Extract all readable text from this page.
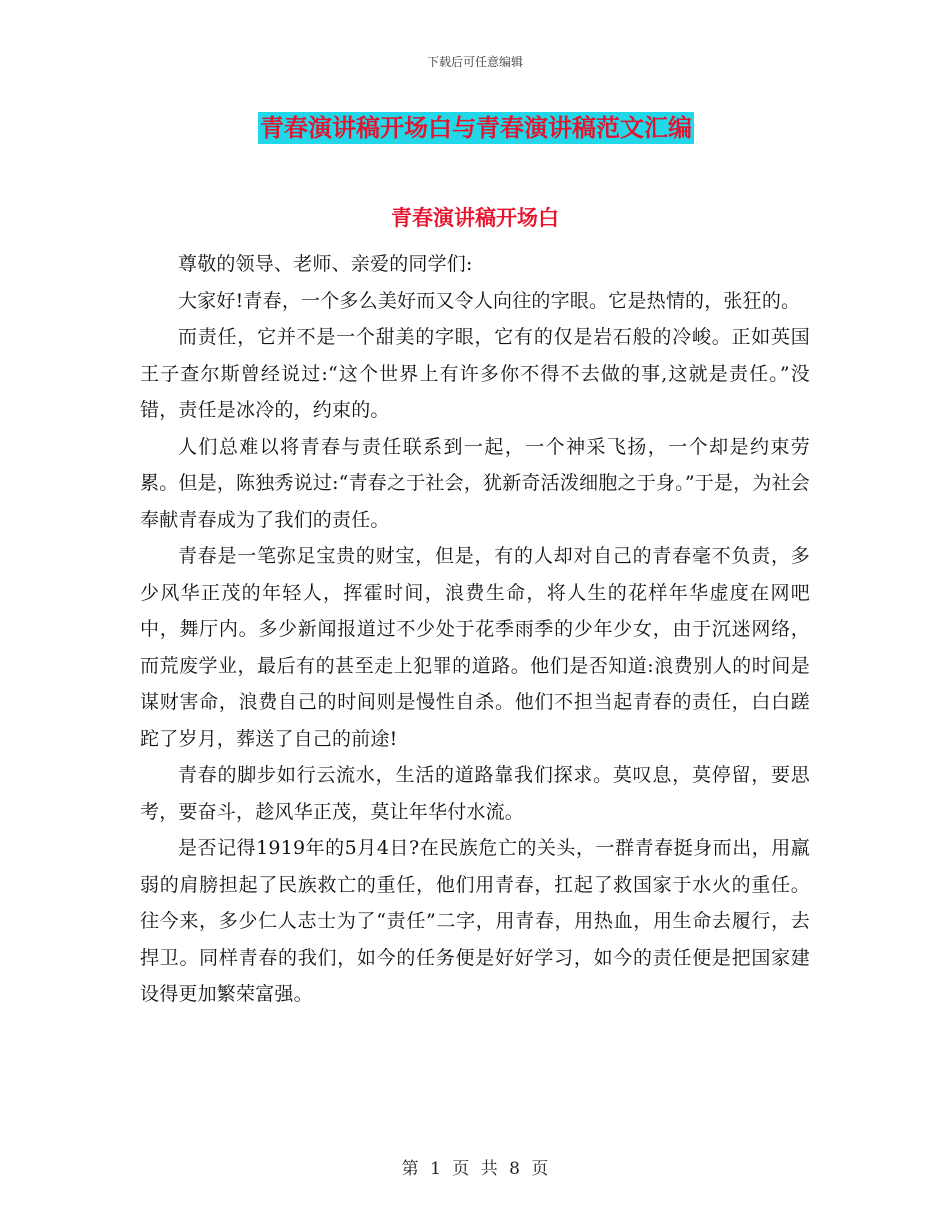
下载后可任意编辑
青春演讲稿开场白与青春演讲稿范文汇编
青春演讲稿开场白

尊敬的领导、老师、亲爱的同学们:

大家好!青春，一个多么美好而又令人向往的字眼。它是热情的，张狂的。

而责任，它并不是一个甜美的字眼，它有的仅是岩石般的冷峻。正如英国王子查尔斯曾经说过:“这个世界上有许多你不得不去做的事,这就是责任。”没错，责任是冰冷的，约束的。

人们总难以将青春与责任联系到一起，一个神采飞扬，一个却是约束劳累。但是，陈独秀说过:“青春之于社会，犹新奇活泼细胞之于身。”于是，为社会奉献青春成为了我们的责任。

青春是一笔弥足宝贵的财宝，但是，有的人却对自己的青春毫不负责，多少风华正茂的年轻人，挥霍时间，浪费生命，将人生的花样年华虚度在网吧中，舞厅内。多少新闻报道过不少处于花季雨季的少年少女，由于沉迷网络，而荒废学业，最后有的甚至走上犯罪的道路。他们是否知道:浪费别人的时间是谋财害命，浪费自己的时间则是慢性自杀。他们不担当起青春的责任，白白蹉跎了岁月，葬送了自己的前途!

青春的脚步如行云流水，生活的道路靠我们探求。莫叹息，莫停留，要思考，要奋斗，趁风华正茂，莫让年华付水流。

是否记得1919年的5月4日?在民族危亡的关头，一群青春挺身而出，用羸弱的肩膀担起了民族救亡的重任，他们用青春，扛起了救国家于水火的重任。往今来，多少仁人志士为了“责任”二字，用青春，用热血，用生命去履行，去捍卫。同样青春的我们，如今的任务便是好好学习，如今的责任便是把国家建设得更加繁荣富强。

第 1 页 共 8 页
